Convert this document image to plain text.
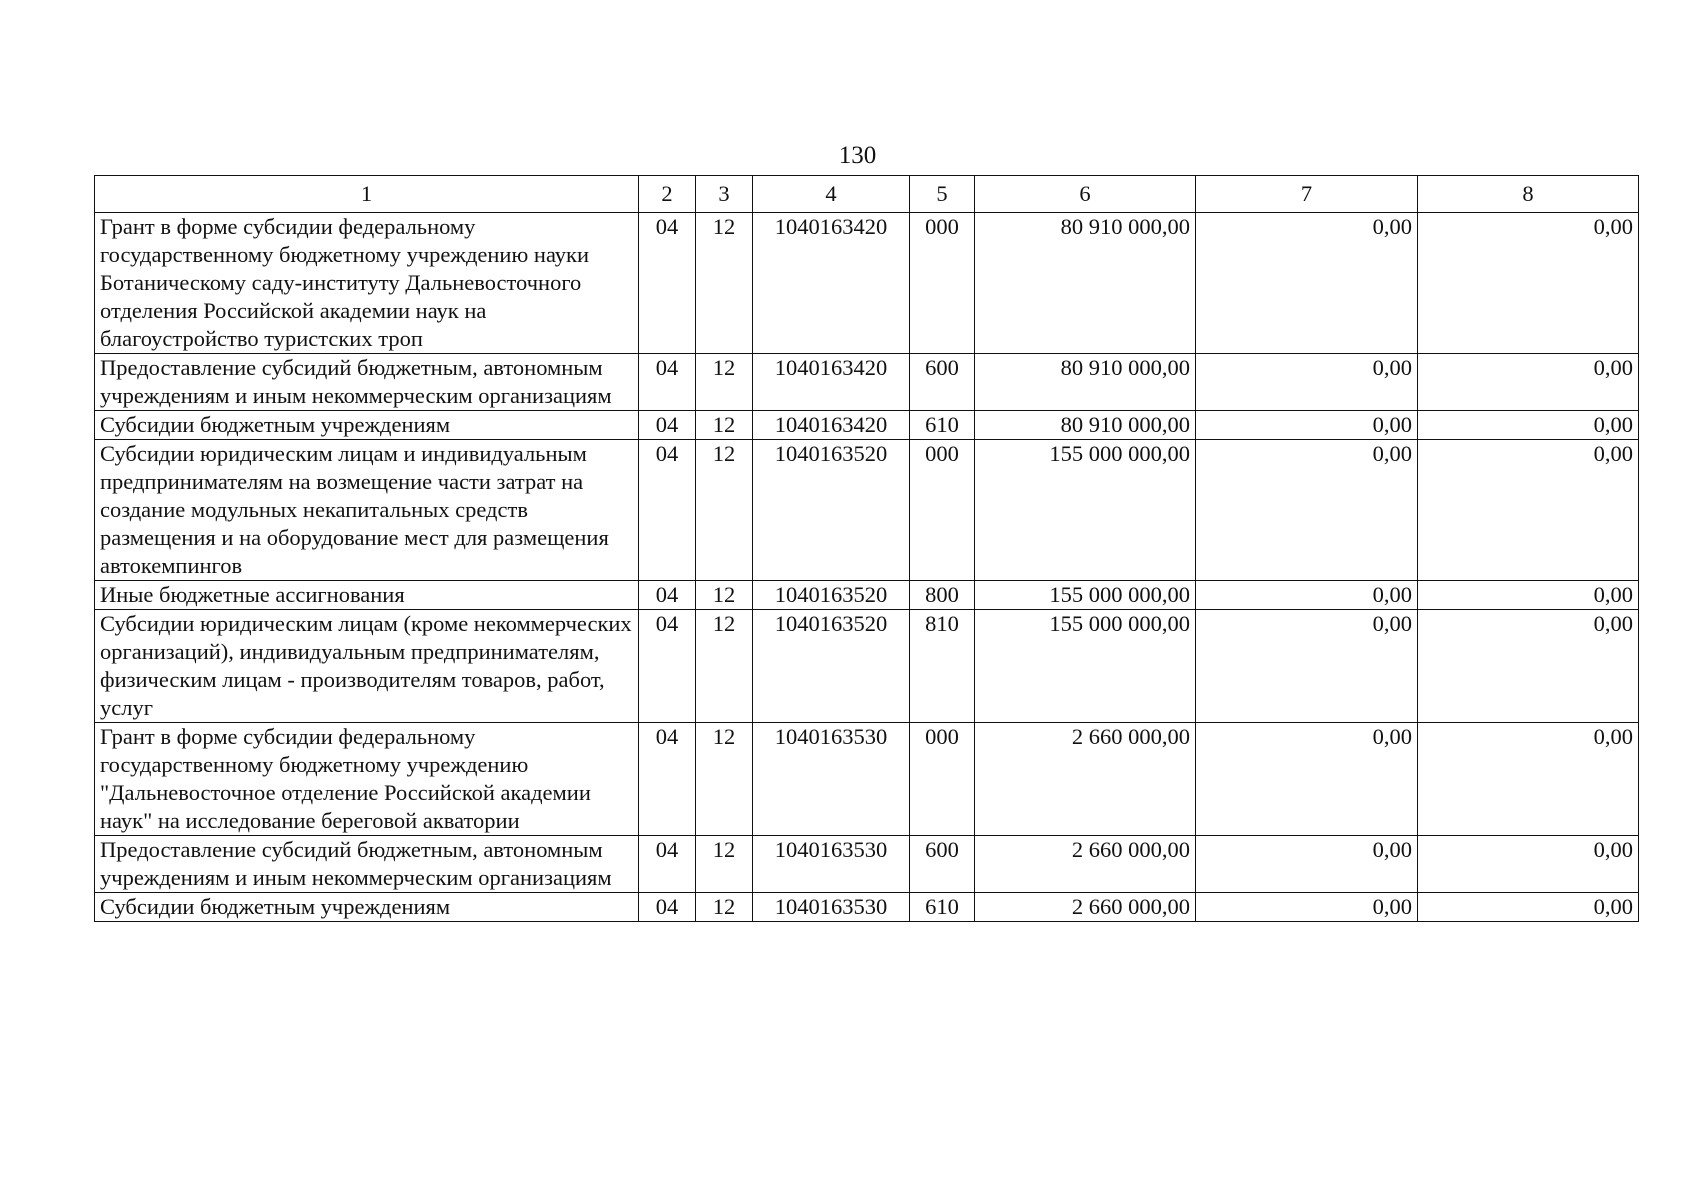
130
1	2	3	4	5	6	7	8
Грант в форме субсидии федеральному государственному бюджетному учреждению науки Ботаническому саду-институту Дальневосточного отделения Российской академии наук на благоустройство туристских троп	04	12	1040163420	000	80 910 000,00	0,00	0,00
Предоставление субсидий бюджетным, автономным учреждениям и иным некоммерческим организациям	04	12	1040163420	600	80 910 000,00	0,00	0,00
Субсидии бюджетным учреждениям	04	12	1040163420	610	80 910 000,00	0,00	0,00
Субсидии юридическим лицам и индивидуальным предпринимателям на возмещение части затрат на создание модульных некапитальных средств размещения и на оборудование мест для размещения автокемпингов	04	12	1040163520	000	155 000 000,00	0,00	0,00
Иные бюджетные ассигнования	04	12	1040163520	800	155 000 000,00	0,00	0,00
Субсидии юридическим лицам (кроме некоммерческих организаций), индивидуальным предпринимателям, физическим лицам - производителям товаров, работ, услуг	04	12	1040163520	810	155 000 000,00	0,00	0,00
Грант в форме субсидии федеральному государственному бюджетному учреждению "Дальневосточное отделение Российской академии наук" на исследование береговой акватории	04	12	1040163530	000	2 660 000,00	0,00	0,00
Предоставление субсидий бюджетным, автономным учреждениям и иным некоммерческим организациям	04	12	1040163530	600	2 660 000,00	0,00	0,00
Субсидии бюджетным учреждениям	04	12	1040163530	610	2 660 000,00	0,00	0,00
